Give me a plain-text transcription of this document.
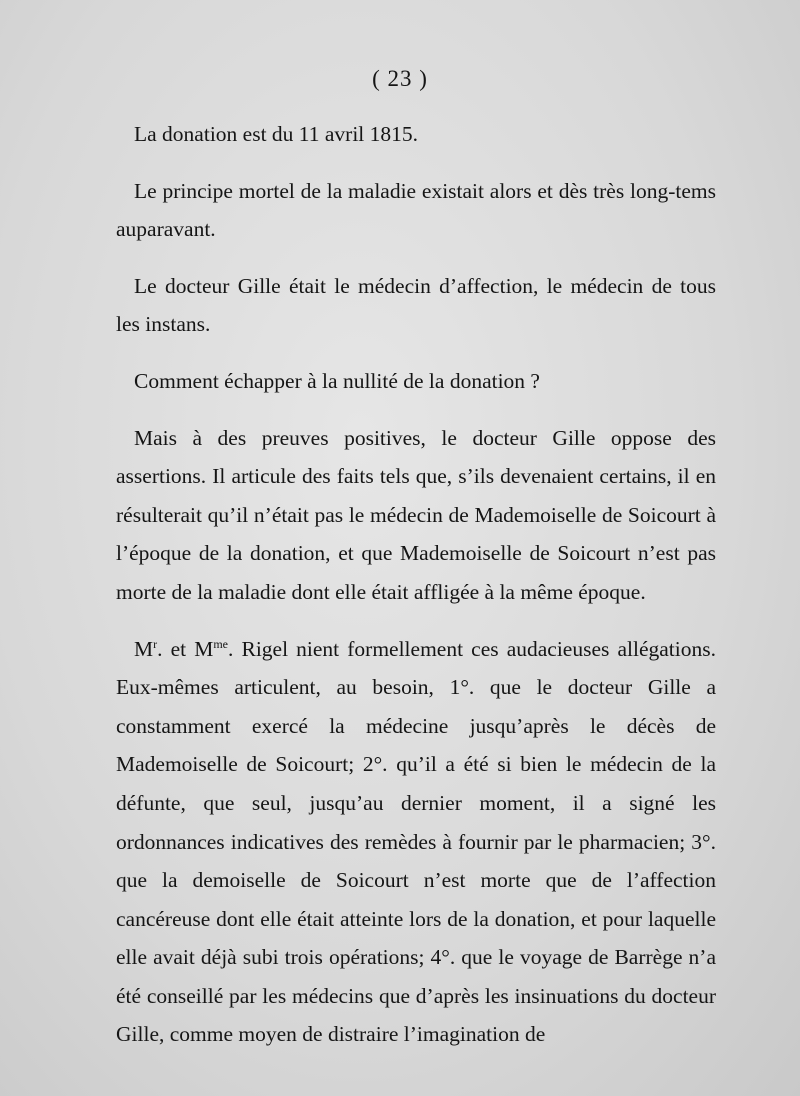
( 23 )

La donation est du 11 avril 1815.

Le principe mortel de la maladie existait alors et dès très long-tems auparavant.

Le docteur Gille était le médecin d’affection, le médecin de tous les instans.

Comment échapper à la nullité de la donation ?

Mais à des preuves positives, le docteur Gille oppose des assertions. Il articule des faits tels que, s’ils devenaient certains, il en résulterait qu’il n’était pas le médecin de Mademoiselle de Soicourt à l’époque de la donation, et que Mademoiselle de Soicourt n’est pas morte de la maladie dont elle était affligée à la même époque.

$M^r$. et $M^{me}$. Rigel nient formellement ces audacieuses allégations. Eux-mêmes articulent, au besoin, 1°. que le docteur Gille a constamment exercé la médecine jusqu’après le décès de Mademoiselle de Soicourt; 2°. qu’il a été si bien le médecin de la défunte, que seul, jusqu’au dernier moment, il a signé les ordonnances indicatives des remèdes à fournir par le pharmacien; 3°. que la demoiselle de Soicourt n’est morte que de l’affection cancéreuse dont elle était atteinte lors de la donation, et pour laquelle elle avait déjà subi trois opérations; 4°. que le voyage de Barrège n’a été conseillé par les médecins que d’après les insinuations du docteur Gille, comme moyen de distraire l’imagination de
